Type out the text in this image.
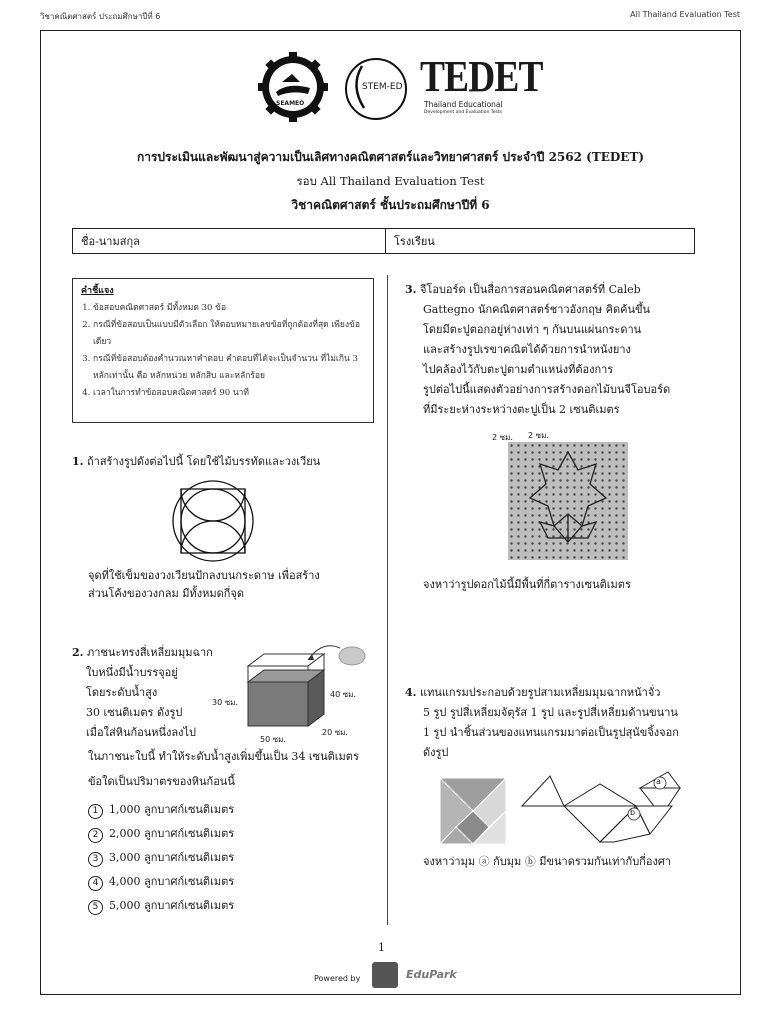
วิชาคณิตศาสตร์ ประถมศึกษาปีที่ 6	All Thailand Evaluation Test
SEAMEO
STEM-ED TEDET
Thailand Educational
Development and Evaluation Tests
การประเมินและพัฒนาสู่ความเป็นเลิศทางคณิตศาสตร์และวิทยาศาสตร์ ประจำปี 2562 (TEDET)
รอบ All Thailand Evaluation Test
วิชาคณิตศาสตร์ ชั้นประถมศึกษาปีที่ 6
ชื่อ-นามสกุล	โรงเรียน
คำชี้แจง
1. ข้อสอบคณิตศาสตร์ มีทั้งหมด 30 ข้อ
2. กรณีที่ข้อสอบเป็นแบบมีตัวเลือก ให้ตอบหมายเลขข้อที่ถูกต้องที่สุด เพียงข้อเดียว
3. กรณีที่ข้อสอบต้องคำนวณหาคำตอบ คำตอบที่ได้จะเป็นจำนวน ที่ไม่เกิน 3 หลักเท่านั้น คือ หลักหน่วย หลักสิบ และหลักร้อย
4. เวลาในการทำข้อสอบคณิตศาสตร์ 90 นาที
1. ถ้าสร้างรูปดังต่อไปนี้ โดยใช้ไม้บรรทัดและวงเวียน
จุดที่ใช้เข็มของวงเวียนปักลงบนกระดาษ เพื่อสร้าง
ส่วนโค้งของวงกลม มีทั้งหมดกี่จุด
2. ภาชนะทรงสี่เหลี่ยมมุมฉาก
ใบหนึ่งมีน้ำบรรจุอยู่
โดยระดับน้ำสูง
30 เซนติเมตร ดังรูป
เมื่อใส่หินก้อนหนึ่งลงไป
30 ซม.
40 ซม.
50 ซม.
20 ซม.
ในภาชนะใบนี้ ทำให้ระดับน้ำสูงเพิ่มขึ้นเป็น 34 เซนติเมตร
ข้อใดเป็นปริมาตรของหินก้อนนี้
1 1,000 ลูกบาศก์เซนติเมตร
2 2,000 ลูกบาศก์เซนติเมตร
3 3,000 ลูกบาศก์เซนติเมตร
4 4,000 ลูกบาศก์เซนติเมตร
5 5,000 ลูกบาศก์เซนติเมตร
3. จีโอบอร์ด เป็นสื่อการสอนคณิตศาสตร์ที่ Caleb
Gattegno นักคณิตศาสตร์ชาวอังกฤษ คิดค้นขึ้น
โดยมีตะปูตอกอยู่ห่างเท่า ๆ กันบนแผ่นกระดาน
และสร้างรูปเรขาคณิตได้ด้วยการนำหนังยาง
ไปคล้องไว้กับตะปูตามตำแหน่งที่ต้องการ
รูปต่อไปนี้แสดงตัวอย่างการสร้างดอกไม้บนจีโอบอร์ด
ที่มีระยะห่างระหว่างตะปูเป็น 2 เซนติเมตร
2 ซม. 2 ซม.
จงหาว่ารูปดอกไม้นี้มีพื้นที่กี่ตารางเซนติเมตร
4. แทนแกรมประกอบด้วยรูปสามเหลี่ยมมุมฉากหน้าจั่ว
5 รูป รูปสี่เหลี่ยมจัตุรัส 1 รูป และรูปสี่เหลี่ยมด้านขนาน
1 รูป นำชิ้นส่วนของแทนแกรมมาต่อเป็นรูปสุนัขจิ้งจอก
ดังรูป
a
b
จงหาว่ามุม ⓐ กับมุม ⓑ มีขนาดรวมกันเท่ากับกี่องศา
1
Powered by	EduPark
